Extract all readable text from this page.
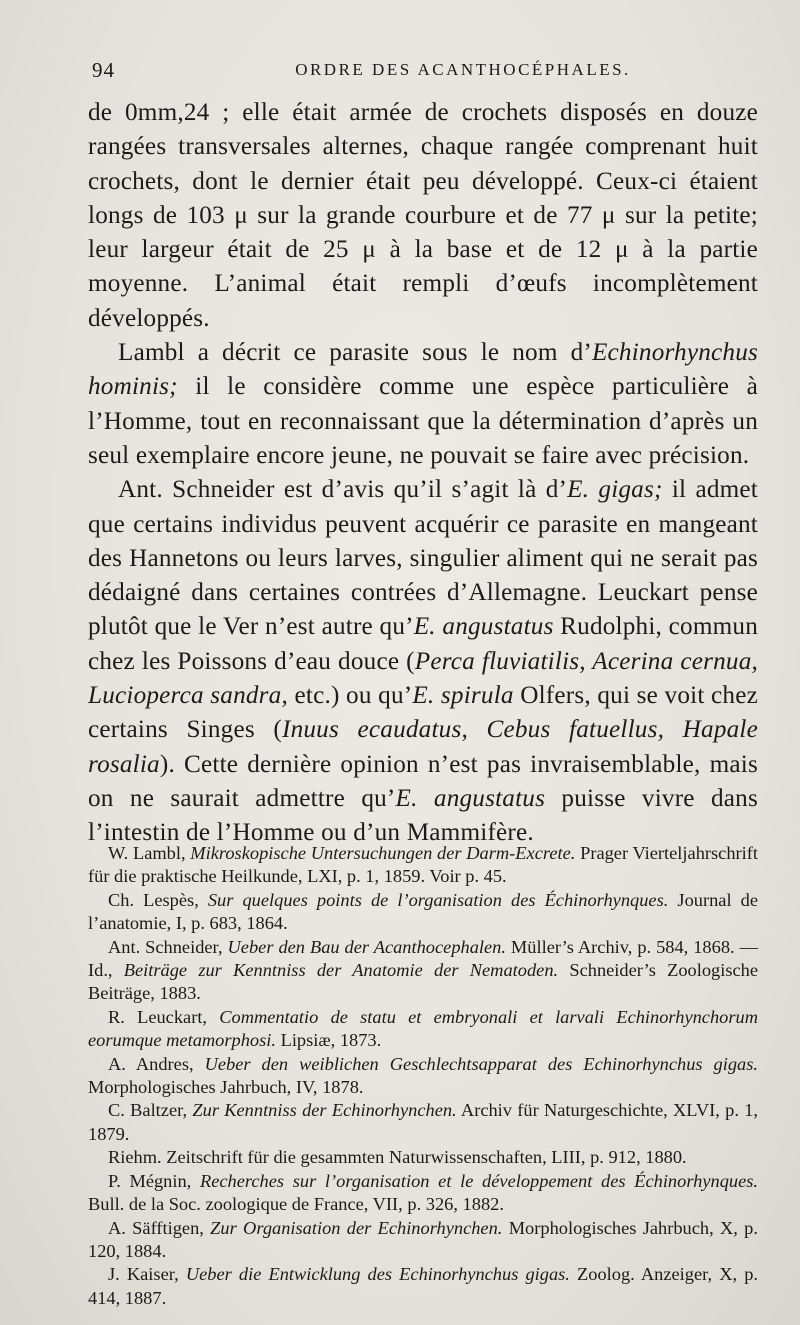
94	ORDRE DES ACANTHOCÉPHALES.

de 0mm,24 ; elle était armée de crochets disposés en douze rangées transversales alternes, chaque rangée comprenant huit crochets, dont le dernier était peu développé. Ceux-ci étaient longs de 103 μ sur la grande courbure et de 77 μ sur la petite; leur largeur était de 25 μ à la base et de 12 μ à la partie moyenne. L’animal était rempli d’œufs incomplètement développés.

Lambl a décrit ce parasite sous le nom d’Echinorhynchus hominis; il le considère comme une espèce particulière à l’Homme, tout en reconnaissant que la détermination d’après un seul exemplaire encore jeune, ne pouvait se faire avec précision.

Ant. Schneider est d’avis qu’il s’agit là d’E. gigas; il admet que certains individus peuvent acquérir ce parasite en mangeant des Hannetons ou leurs larves, singulier aliment qui ne serait pas dédaigné dans certaines contrées d’Allemagne. Leuckart pense plutôt que le Ver n’est autre qu’E. angustatus Rudolphi, commun chez les Poissons d’eau douce (Perca fluviatilis, Acerina cernua, Lucioperca sandra, etc.) ou qu’E. spirula Olfers, qui se voit chez certains Singes (Inuus ecaudatus, Cebus fatuellus, Hapale rosalia). Cette dernière opinion n’est pas invraisemblable, mais on ne saurait admettre qu’E. angustatus puisse vivre dans l’intestin de l’Homme ou d’un Mammifère.

W. Lambl, Mikroskopische Untersuchungen der Darm-Excrete. Prager Vierteljahrschrift für die praktische Heilkunde, LXI, p. 1, 1859. Voir p. 45.

Ch. Lespès, Sur quelques points de l’organisation des Échinorhynques. Journal de l’anatomie, I, p. 683, 1864.

Ant. Schneider, Ueber den Bau der Acanthocephalen. Müller’s Archiv, p. 584, 1868. — Id., Beiträge zur Kenntniss der Anatomie der Nematoden. Schneider’s Zoologische Beiträge, 1883.

R. Leuckart, Commentatio de statu et embryonali et larvali Echinorhynchorum eorumque metamorphosi. Lipsiæ, 1873.

A. Andres, Ueber den weiblichen Geschlechtsapparat des Echinorhynchus gigas. Morphologisches Jahrbuch, IV, 1878.

C. Baltzer, Zur Kenntniss der Echinorhynchen. Archiv für Naturgeschichte, XLVI, p. 1, 1879.

Riehm. Zeitschrift für die gesammten Naturwissenschaften, LIII, p. 912, 1880.

P. Mégnin, Recherches sur l’organisation et le développement des Échinorhynques. Bull. de la Soc. zoologique de France, VII, p. 326, 1882.

A. Säfftigen, Zur Organisation der Echinorhynchen. Morphologisches Jahrbuch, X, p. 120, 1884.

J. Kaiser, Ueber die Entwicklung des Echinorhynchus gigas. Zoolog. Anzeiger, X, p. 414, 1887.
